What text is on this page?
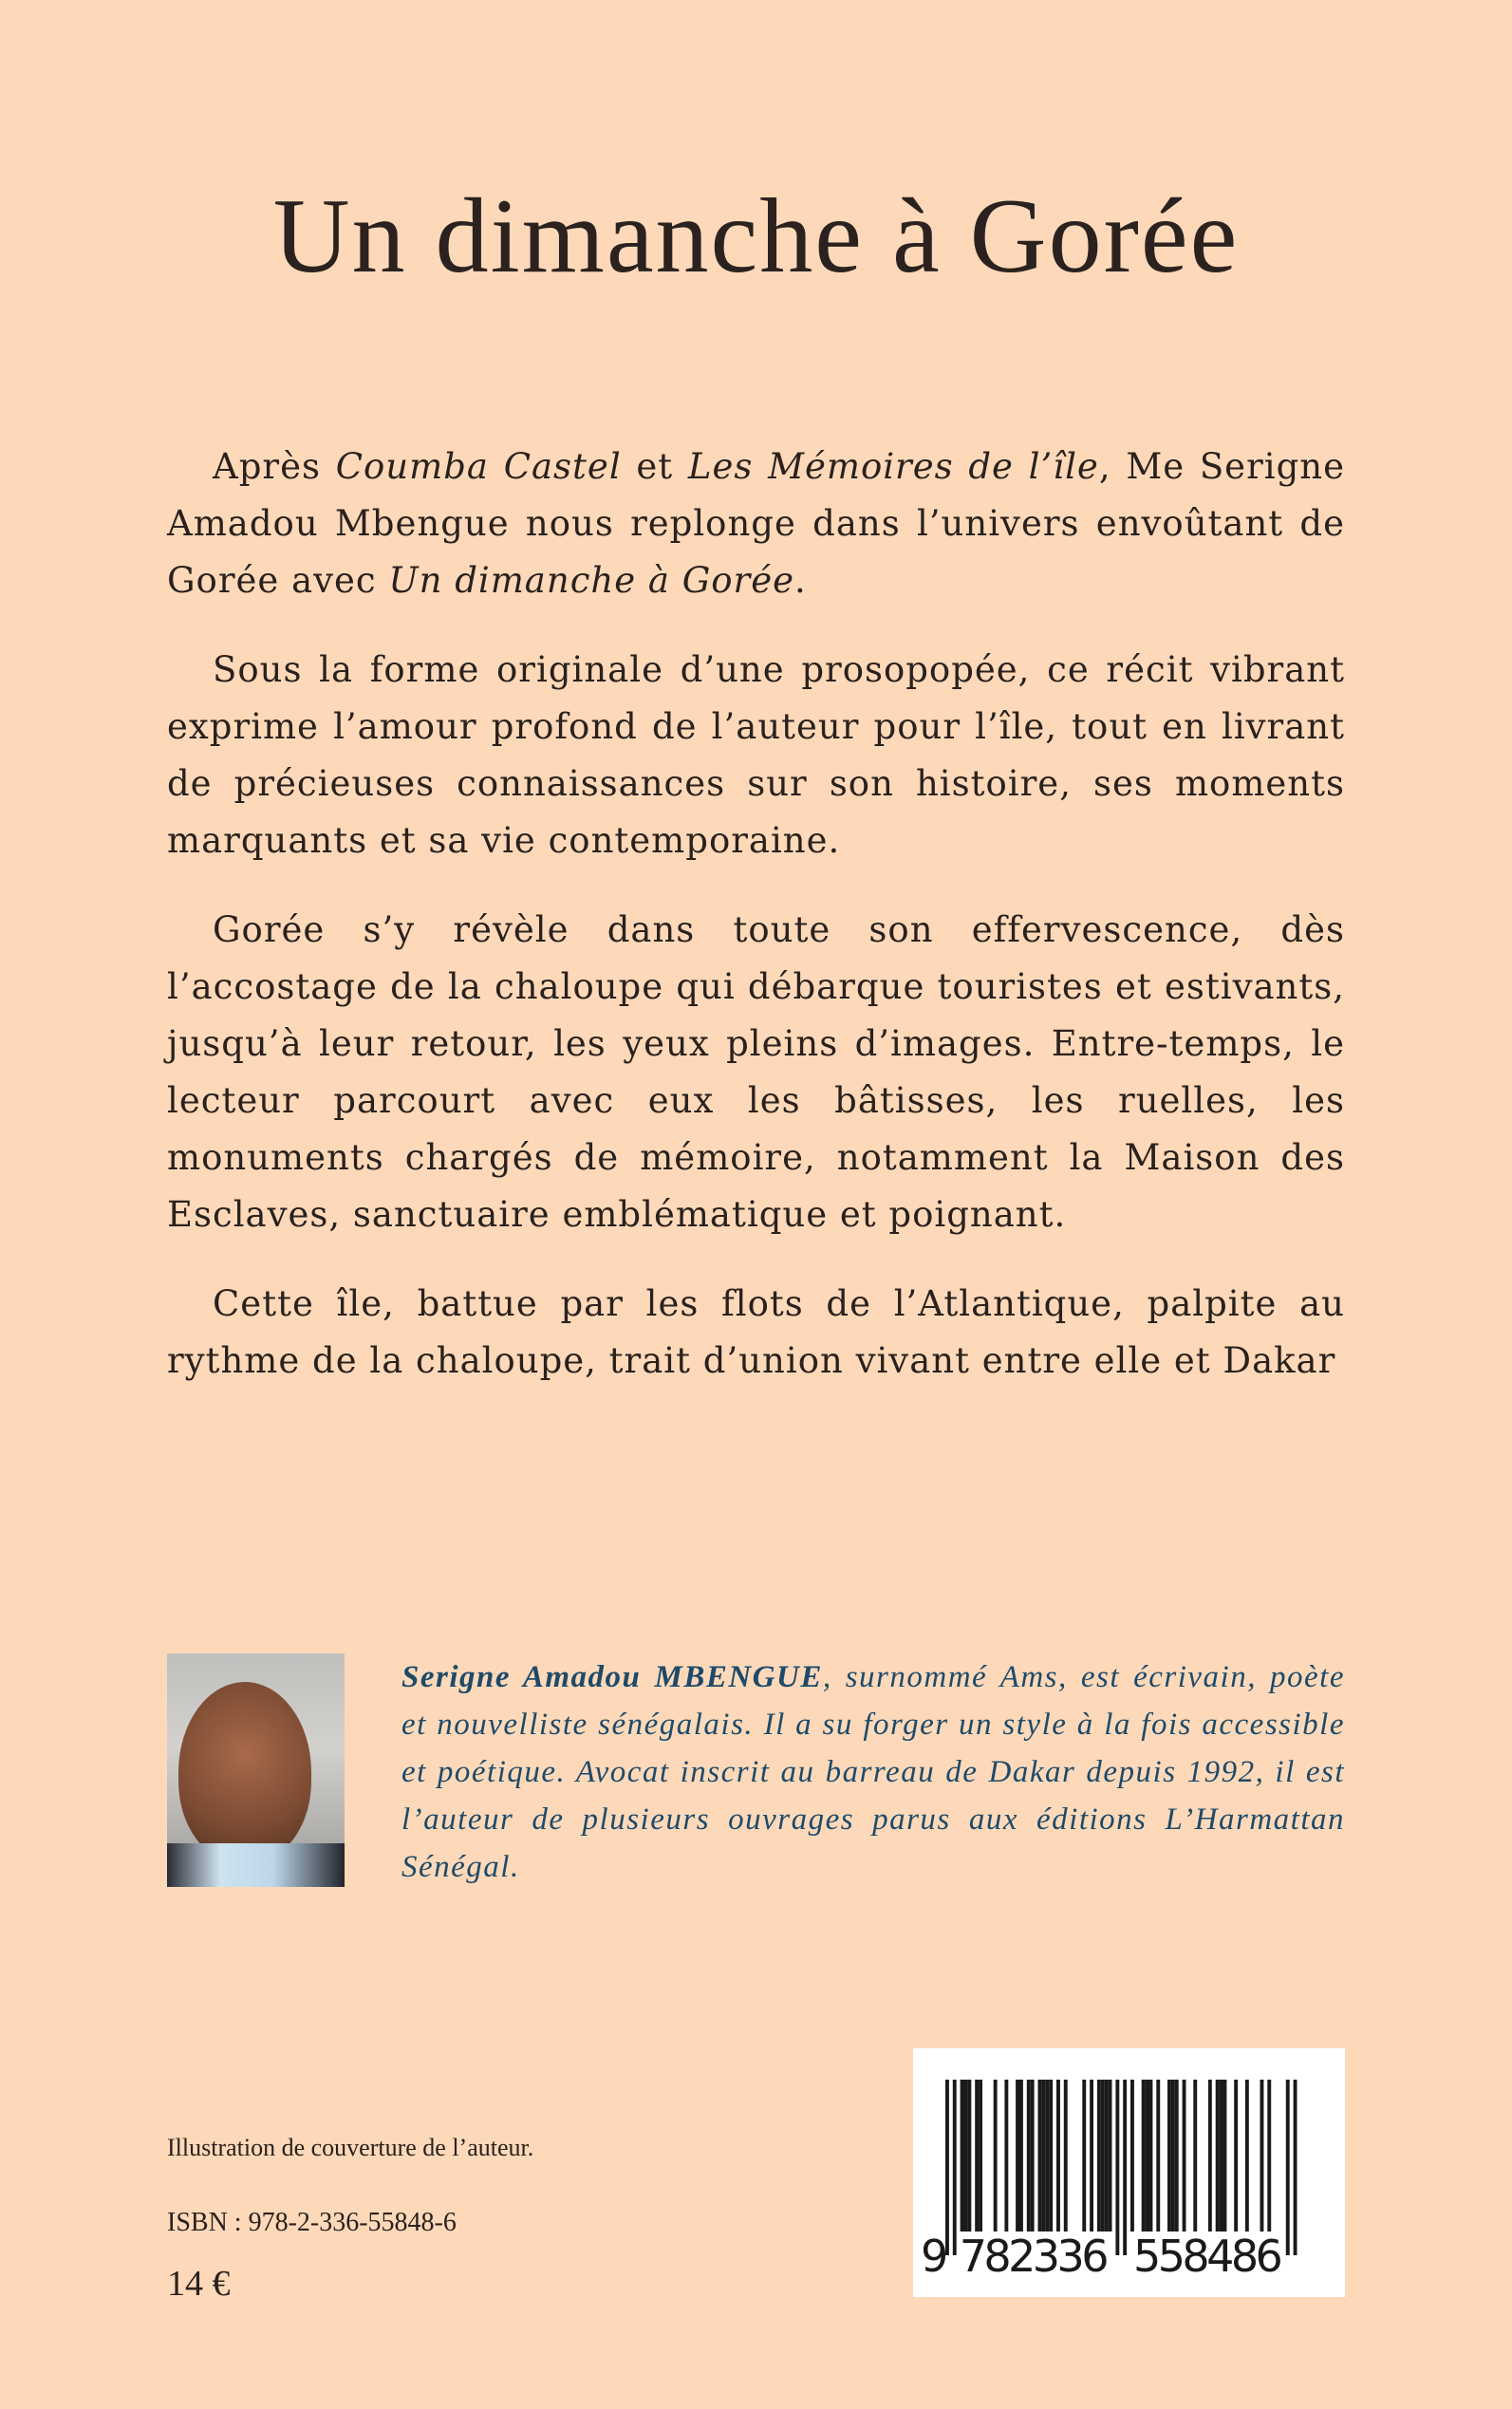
Un dimanche à Gorée

Après Coumba Castel et Les Mémoires de l’île, Me Serigne Amadou Mbengue nous replonge dans l’univers envoûtant de Gorée avec Un dimanche à Gorée.

Sous la forme originale d’une prosopopée, ce récit vibrant exprime l’amour profond de l’auteur pour l’île, tout en livrant de précieuses connaissances sur son histoire, ses moments marquants et sa vie contemporaine.

Gorée s’y révèle dans toute son effervescence, dès l’accostage de la chaloupe qui débarque touristes et estivants, jusqu’à leur retour, les yeux pleins d’images. Entre-temps, le lecteur parcourt avec eux les bâtisses, les ruelles, les monuments chargés de mémoire, notamment la Maison des Esclaves, sanctuaire emblématique et poignant.

Cette île, battue par les flots de l’Atlantique, palpite au rythme de la chaloupe, trait d’union vivant entre elle et Dakar

Serigne Amadou MBENGUE, surnommé Ams, est écrivain, poète et nouvelliste sénégalais. Il a su forger un style à la fois accessible et poétique. Avocat inscrit au barreau de Dakar depuis 1992, il est l’auteur de plusieurs ouvrages parus aux éditions L’Harmattan Sénégal.
Illustration de couverture de l’auteur.
ISBN : 978-2-336-55848-6
14 €
9 782336 558486
